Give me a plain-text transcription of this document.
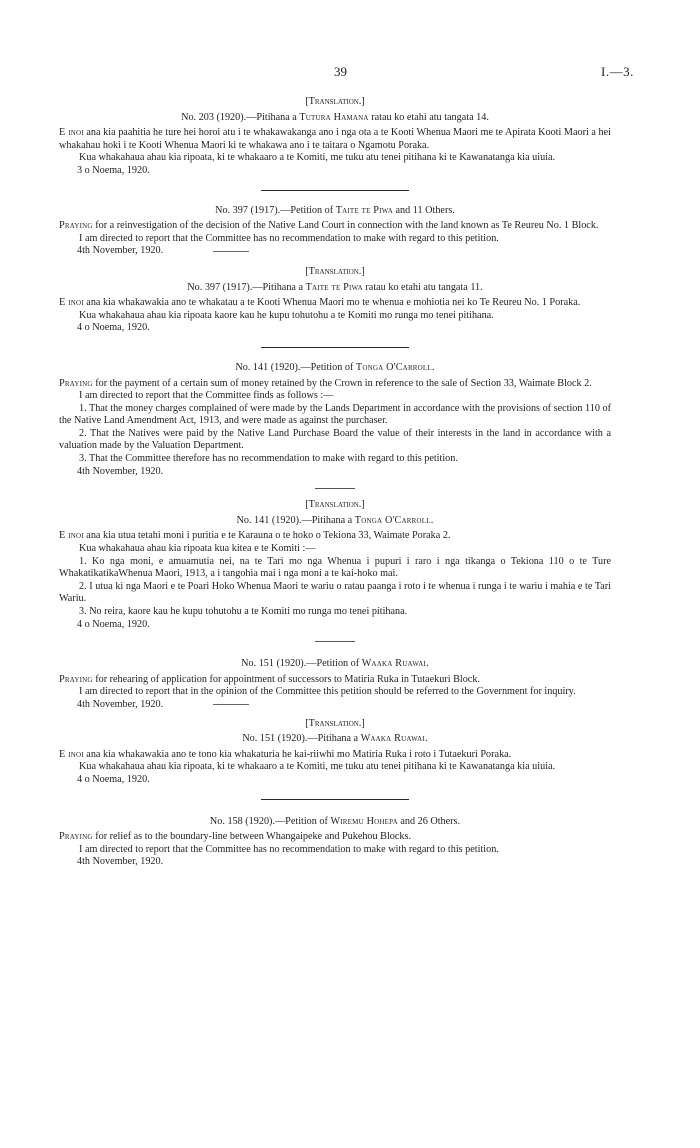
39	I.—3.

[Translation.]

No. 203 (1920).—Pitihana a Tutura Hamana ratau ko etahi atu tangata 14.

E inoi ana kia paahitia he ture hei horoi atu i te whakawakanga ano i nga ota a te Kooti Whenua Maori me te Apirata Kooti Maori a hei whakahau hoki i te Kooti Whenua Maori ki te whakawa ano i te taitara o Ngamotu Poraka.

Kua whakahaua ahau kia ripoata, ki te whakaaro a te Komiti, me tuku atu tenei pitihana ki te Kawanatanga kia uiuia.

3 o Noema, 1920.

No. 397 (1917).—Petition of Taite te Piwa and 11 Others.

Praying for a reinvestigation of the decision of the Native Land Court in connection with the land known as Te Reureu No. 1 Block.

I am directed to report that the Committee has no recommendation to make with regard to this petition.

4th November, 1920.

[Translation.]

No. 397 (1917).—Pitihana a Taite te Piwa ratau ko etahi atu tangata 11.

E inoi ana kia whakawakia ano te whakatau a te Kooti Whenua Maori mo te whenua e mohiotia nei ko Te Reureu No. 1 Poraka.

Kua whakahaua ahau kia ripoata kaore kau he kupu tohutohu a te Komiti mo runga mo tenei pitihana.

4 o Noema, 1920.

No. 141 (1920).—Petition of Tonga O'Carroll.

Praying for the payment of a certain sum of money retained by the Crown in reference to the sale of Section 33, Waimate Block 2.

I am directed to report that the Committee finds as follows :—

1. That the money charges complained of were made by the Lands Department in accordance with the provisions of section 110 of the Native Land Amendment Act, 1913, and were made as against the purchaser.

2. That the Natives were paid by the Native Land Purchase Board the value of their interests in the land in accordance with a valuation made by the Valuation Department.

3. That the Committee therefore has no recommendation to make with regard to this petition.

4th November, 1920.

[Translation.]

No. 141 (1920).—Pitihana a Tonga O'Carroll.

E inoi ana kia utua tetahi moni i puritia e te Karauna o te hoko o Tekiona 33, Waimate Poraka 2.

Kua whakahaua ahau kia ripoata kua kitea e te Komiti :—

1. Ko nga moni, e amuamutia nei, na te Tari mo nga Whenua i pupuri i raro i nga tikanga o Tekiona 110 o te Ture WhakatikatikaWhenua Maori, 1913, a i tangohia mai i nga moni a te kai-hoko mai.

2. I utua ki nga Maori e te Poari Hoko Whenua Maori te wariu o ratau paanga i roto i te whenua i runga i te wariu i mahia e te Tari Wariu.

3. No reira, kaore kau he kupu tohutohu a te Komiti mo runga mo tenei pitihana.

4 o Noema, 1920.

No. 151 (1920).—Petition of Waaka Ruawai.

Praying for rehearing of application for appointment of successors to Matiria Ruka in Tutaekuri Block.

I am directed to report that in the opinion of the Committee this petition should be referred to the Government for inquiry.

4th November, 1920.

[Translation.]

No. 151 (1920).—Pitihana a Waaka Ruawai.

E inoi ana kia whakawakia ano te tono kia whakaturia he kai-riiwhi mo Matiria Ruka i roto i Tutaekuri Poraka.

Kua whakahaua ahau kia ripoata, ki te whakaaro a te Komiti, me tuku atu tenei pitihana ki te Kawanatanga kia uiuia.

4 o Noema, 1920.

No. 158 (1920).—Petition of Wiremu Hohepa and 26 Others.

Praying for relief as to the boundary-line between Whangaipeke and Pukehou Blocks.

I am directed to report that the Committee has no recommendation to make with regard to this petition.

4th November, 1920.
